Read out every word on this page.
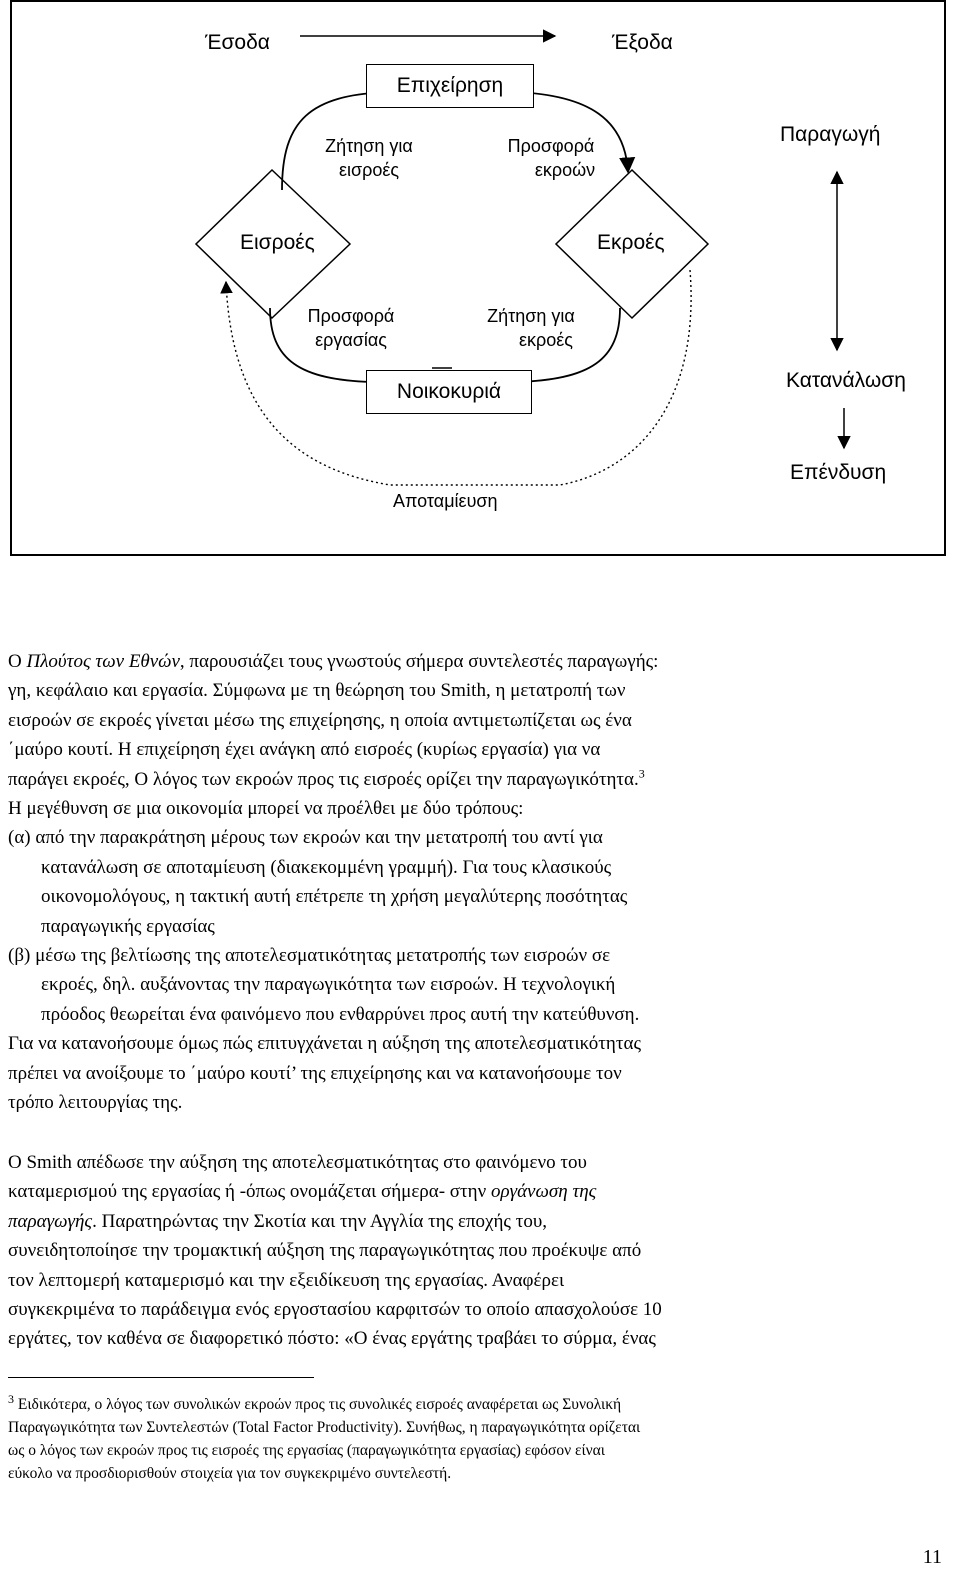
Έσοδα	Έξοδα
Επιχείρηση
Ζήτηση για
εισροές
Προσφορά
εκροών
Παραγωγή
Εισροές	Εκροές
Προσφορά
εργασίας
Ζήτηση για
εκροές
Νοικοκυριά	Κατανάλωση
Επένδυση
Αποταμίευση

Ο Πλούτος των Εθνών, παρουσιάζει τους γνωστούς σήμερα συντελεστές παραγωγής:

γη, κεφάλαιο και εργασία. Σύμφωνα με τη θεώρηση του Smith, η μετατροπή των

εισροών σε εκροές γίνεται μέσω της επιχείρησης, η οποία αντιμετωπίζεται ως ένα

΄μαύρο κουτί. Η επιχείρηση έχει ανάγκη από εισροές (κυρίως εργασία) για να

παράγει εκροές, Ο λόγος των εκροών προς τις εισροές ορίζει την παραγωγικότητα.$^3$

Η μεγέθυνση σε μια οικονομία μπορεί να προέλθει με δύο τρόπους:

(α) από την παρακράτηση μέρους των εκροών και την μετατροπή του αντί για

κατανάλωση σε αποταμίευση (διακεκομμένη γραμμή). Για τους κλασικούς

οικονομολόγους, η τακτική αυτή επέτρεπε τη χρήση μεγαλύτερης ποσότητας

παραγωγικής εργασίας

(β) μέσω της βελτίωσης της αποτελεσματικότητας μετατροπής των εισροών σε

εκροές, δηλ. αυξάνοντας την παραγωγικότητα των εισροών. Η τεχνολογική

πρόοδος θεωρείται ένα φαινόμενο που ενθαρρύνει προς αυτή την κατεύθυνση.

Για να κατανοήσουμε όμως πώς επιτυγχάνεται η αύξηση της αποτελεσματικότητας

πρέπει να ανοίξουμε το ΄μαύρο κουτί’ της επιχείρησης και να κατανοήσουμε τον

τρόπο λειτουργίας της.

Ο Smith απέδωσε την αύξηση της αποτελεσματικότητας στο φαινόμενο του

καταμερισμού της εργασίας ή -όπως ονομάζεται σήμερα- στην οργάνωση της

παραγωγής. Παρατηρώντας την Σκοτία και την Αγγλία της εποχής του,

συνειδητοποίησε την τρομακτική αύξηση της παραγωγικότητας που προέκυψε από

τον λεπτομερή καταμερισμό και την εξειδίκευση της εργασίας. Αναφέρει

συγκεκριμένα το παράδειγμα ενός εργοστασίου καρφιτσών το οποίο απασχολούσε 10

εργάτες, τον καθένα σε διαφορετικό πόστο: «Ο ένας εργάτης τραβάει το σύρμα, ένας

$^3$ Ειδικότερα, ο λόγος των συνολικών εκροών προς τις συνολικές εισροές αναφέρεται ως Συνολική

Παραγωγικότητα των Συντελεστών (Total Factor Productivity). Συνήθως, η παραγωγικότητα ορίζεται

ως ο λόγος των εκροών προς τις εισροές της εργασίας (παραγωγικότητα εργασίας) εφόσον είναι

εύκολο να προσδιορισθούν στοιχεία για τον συγκεκριμένο συντελεστή.

11
